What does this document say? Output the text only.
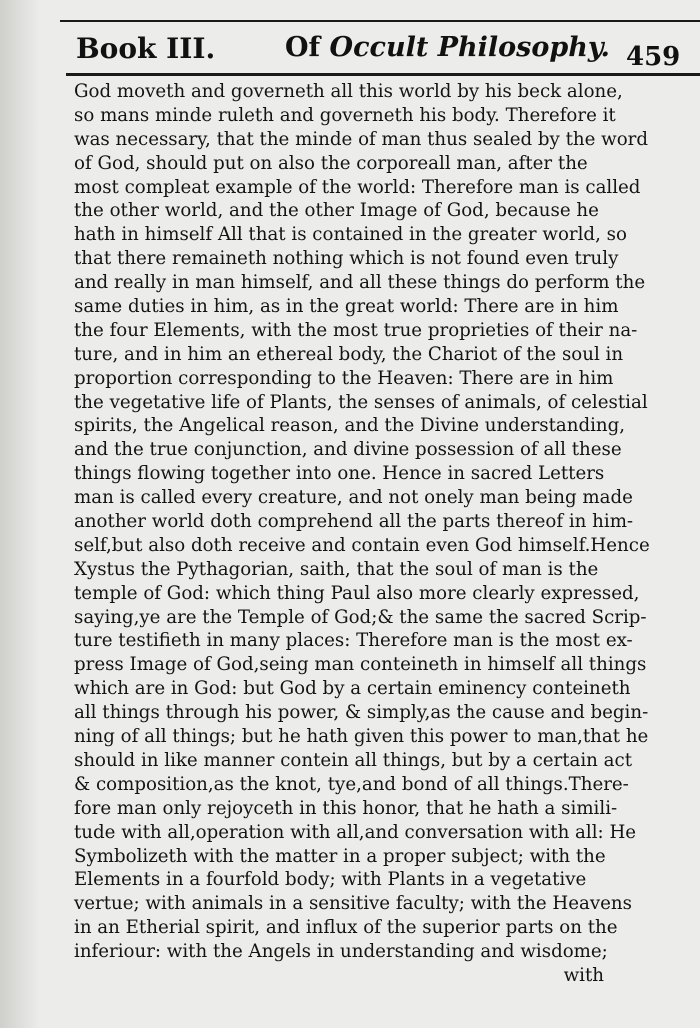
Book III.	Of Occult Philosophy. 459
God moveth and governeth all this world by his beck alone,
so mans minde ruleth and governeth his body. Therefore it
was necessary, that the minde of man thus sealed by the word
of God, should put on also the corporeall man, after the
most compleat example of the world: Therefore man is called
the other world, and the other Image of God, because he
hath in himself All that is contained in the greater world, so
that there remaineth nothing which is not found even truly
and really in man himself, and all these things do perform the
same duties in him, as in the great world: There are in him
the four Elements, with the most true proprieties of their na-
ture, and in him an ethereal body, the Chariot of the soul in
proportion corresponding to the Heaven: There are in him
the vegetative life of Plants, the senses of animals, of celestial
spirits, the Angelical reason, and the Divine understanding,
and the true conjunction, and divine possession of all these
things flowing together into one. Hence in sacred Letters
man is called every creature, and not onely man being made
another world doth comprehend all the parts thereof in him-
self,but also doth receive and contain even God himself.Hence
Xystus the Pythagorian, saith, that the soul of man is the
temple of God: which thing Paul also more clearly expressed,
saying,ye are the Temple of God;& the same the sacred Scrip-
ture testifieth in many places: Therefore man is the most ex-
press Image of God,seing man conteineth in himself all things
which are in God: but God by a certain eminency conteineth
all things through his power, & simply,as the cause and begin-
ning of all things; but he hath given this power to man,that he
should in like manner contein all things, but by a certain act
& composition,as the knot, tye,and bond of all things.There-
fore man only rejoyceth in this honor, that he hath a simili-
tude with all,operation with all,and conversation with all: He
Symbolizeth with the matter in a proper subject; with the
Elements in a fourfold body; with Plants in a vegetative
vertue; with animals in a sensitive faculty; with the Heavens
in an Etherial spirit, and influx of the superior parts on the
inferiour: with the Angels in understanding and wisdome;
with
